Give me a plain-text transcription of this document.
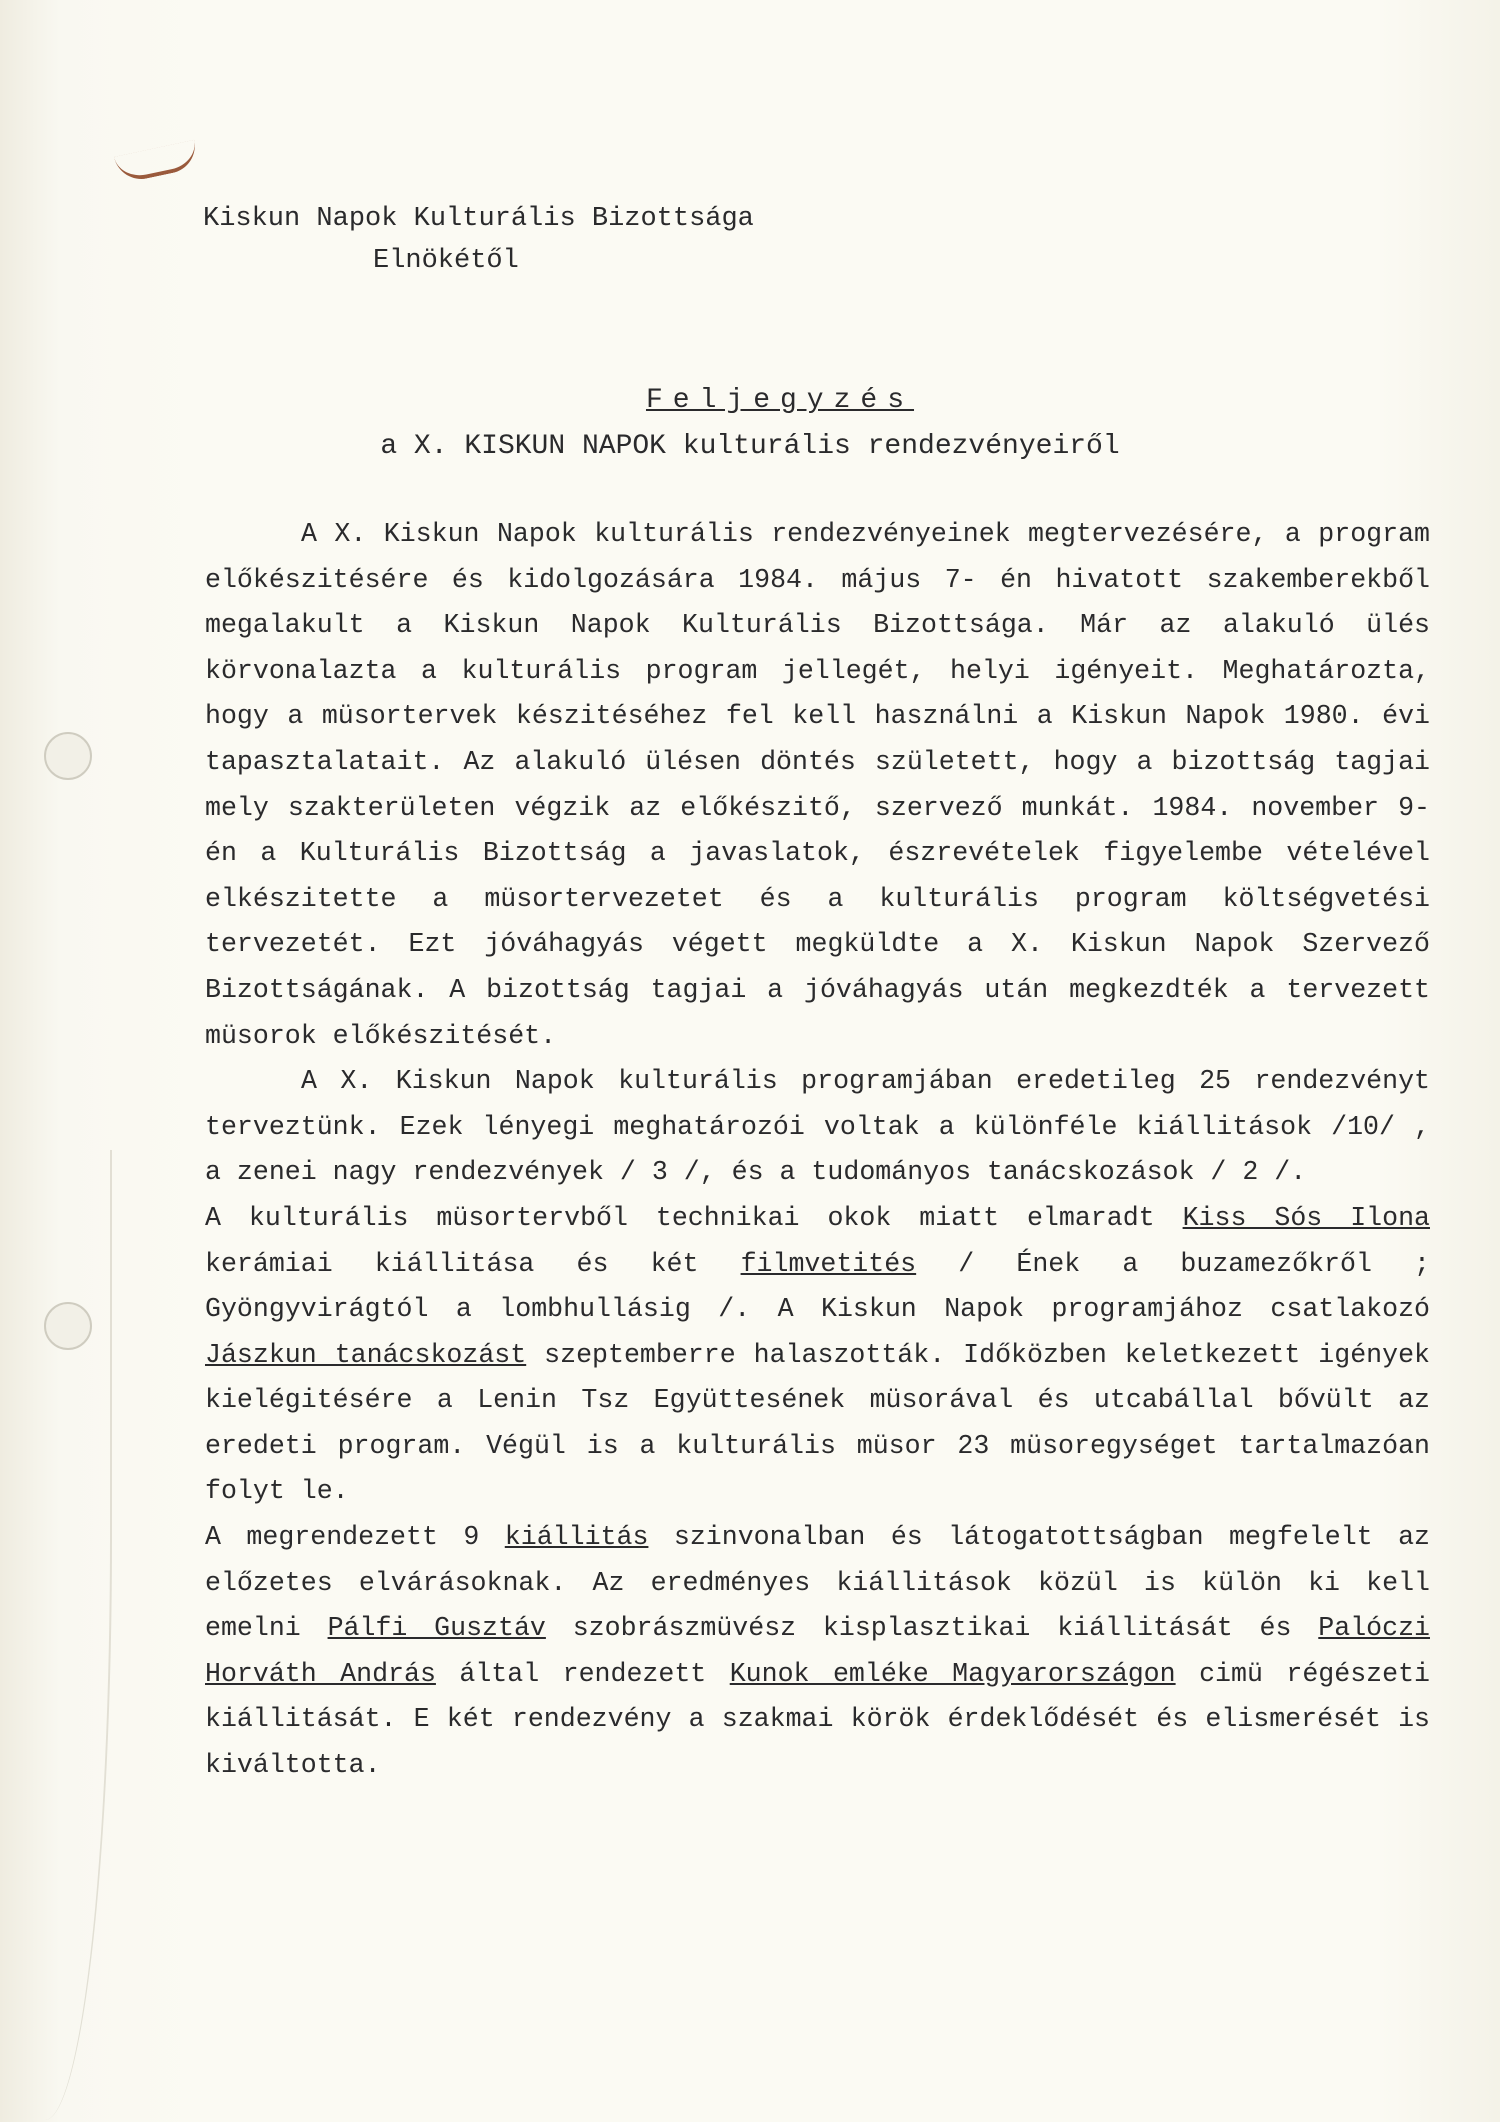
Kiskun Napok Kulturális Bizottsága
Elnökétől
Feljegyzés
a X. KISKUN NAPOK kulturális rendezvényeiről

A X. Kiskun Napok kulturális rendezvényeinek megtervezésére, a program előkészitésére és kidolgozására 1984. május 7- én hivatott szakemberekből megalakult a Kiskun Napok Kulturális Bizottsága. Már az alakuló ülés körvonalazta a kulturális program jellegét, helyi igényeit. Meghatározta, hogy a müsortervek készitéséhez fel kell használni a Kiskun Napok 1980. évi tapasztalatait. Az alakuló ülésen döntés született, hogy a bizottság tagjai mely szakterületen végzik az előkészitő, szervező munkát. 1984. november 9- én a Kulturális Bizottság a javaslatok, észrevételek figyelembe vételével elkészitette a müsortervezetet és a kulturális program költségvetési tervezetét. Ezt jóváhagyás végett megküldte a X. Kiskun Napok Szervező Bizottságának. A bizottság tagjai a jóváhagyás után megkezdték a tervezett müsorok előkészitését.

A X. Kiskun Napok kulturális programjában eredetileg 25 rendezvényt terveztünk. Ezek lényegi meghatározói voltak a különféle kiállitások /10/ , a zenei nagy rendezvények / 3 /, és a tudományos tanácskozások / 2 /.

A kulturális müsortervből technikai okok miatt elmaradt Kiss Sós Ilona kerámiai kiállitása és két filmvetités / Ének a buzamezőkről ; Gyöngyvirágtól a lombhullásig /. A Kiskun Napok programjához csatlakozó Jászkun tanácskozást szeptemberre halaszották. Időközben keletkezett igények kielégitésére a Lenin Tsz Együttesének müsorával és utcabállal bővült az eredeti program. Végül is a kulturális müsor 23 müsoregységet tartalmazóan folyt le.

A megrendezett 9 kiállitás szinvonalban és látogatottságban megfelelt az előzetes elvárásoknak. Az eredményes kiállitások közül is külön ki kell emelni Pálfi Gusztáv szobrászmüvész kisplasztikai kiállitását és Palóczi Horváth András által rendezett Kunok emléke Magyarországon cimü régészeti kiállitását. E két rendezvény a szakmai körök érdeklődését és elismerését is kiváltotta.
